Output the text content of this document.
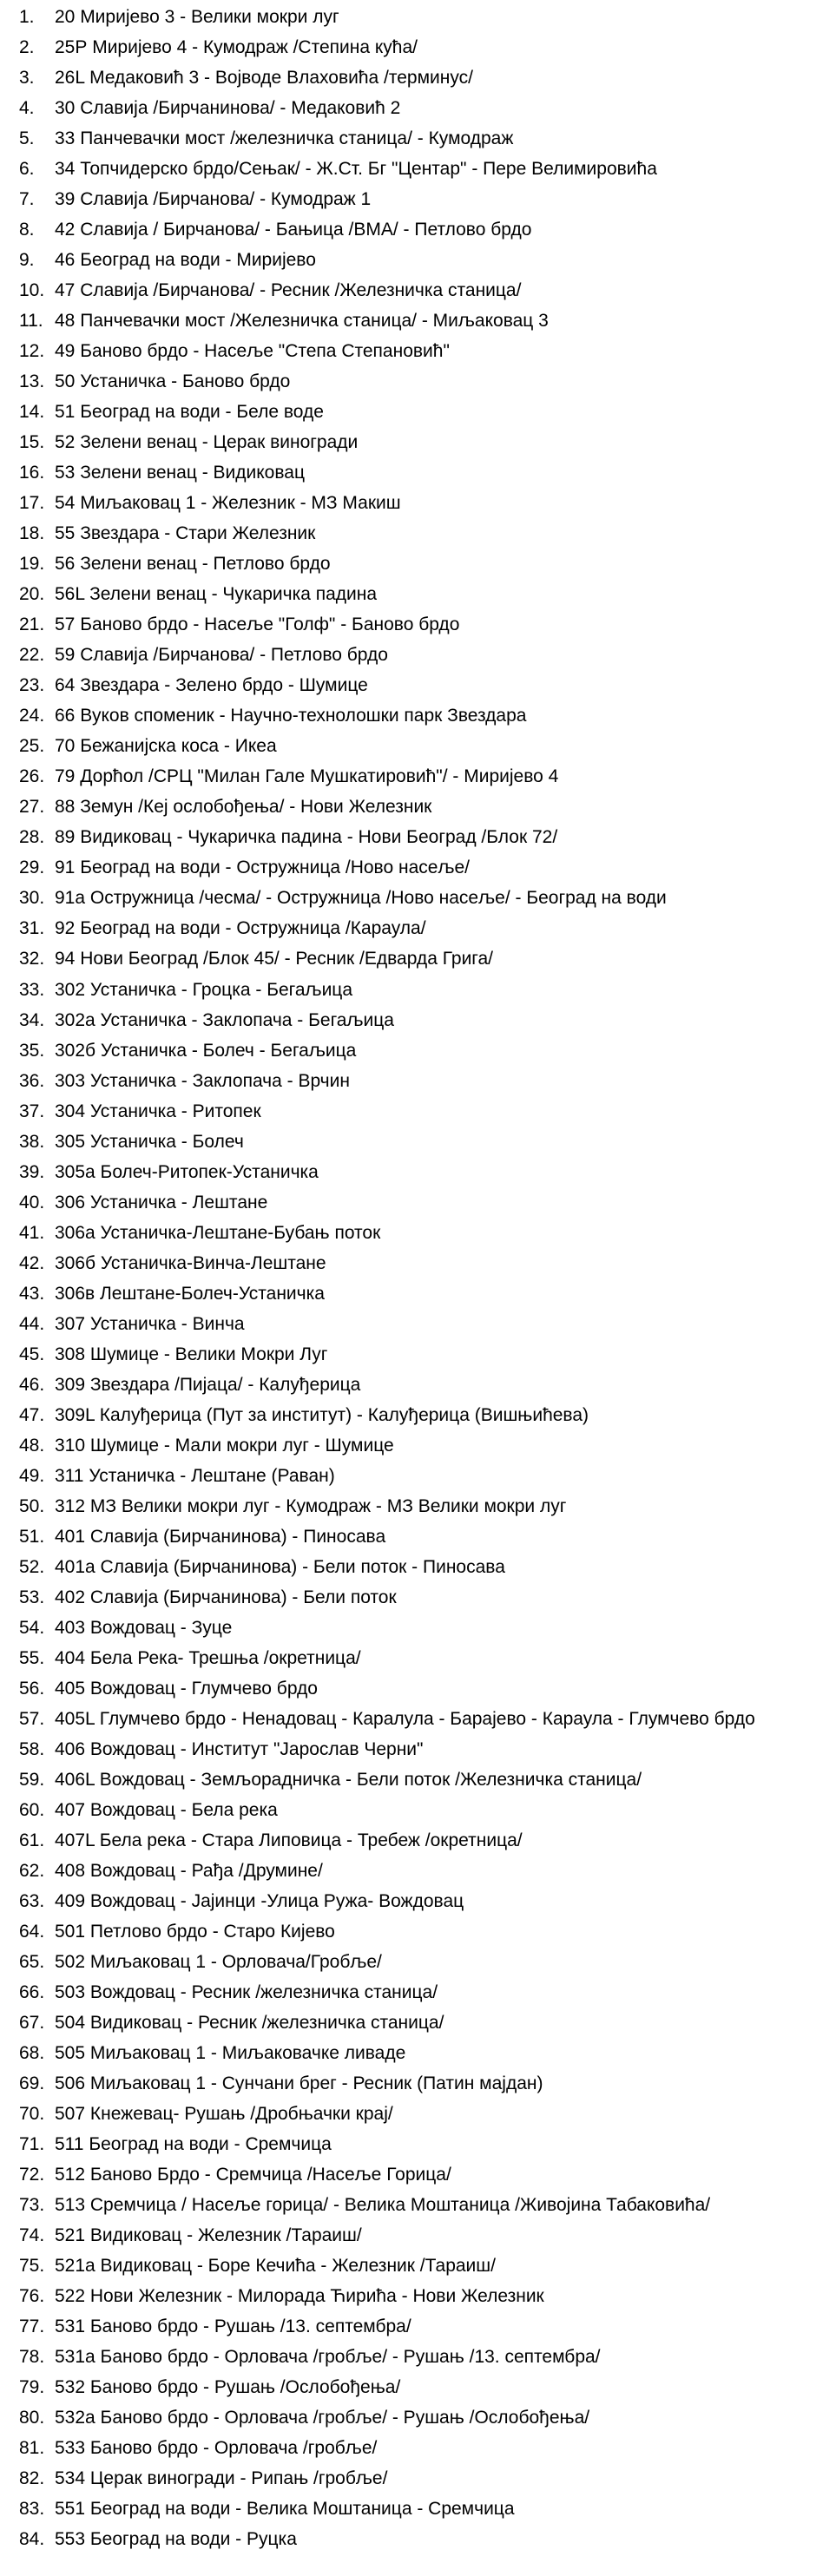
1. 20 Миријево 3 - Велики мокри луг
2. 25Р Миријево 4 - Кумодраж /Степина кућа/
3. 26L Медаковић 3 - Војводе Влаховића /терминус/
4. 30 Славија /Бирчанинова/ - Медаковић 2
5. 33 Панчевачки мост /железничка станица/ - Кумодраж
6. 34 Топчидерско брдо/Сењак/ - Ж.Ст. Бг "Центар" - Пере Велимировића
7. 39 Славија /Бирчанова/ - Кумодраж 1
8. 42 Славија / Бирчанова/ - Бањица /ВМА/ - Петлово брдо
9. 46 Београд на води - Миријево
10. 47 Славија /Бирчанова/ - Ресник /Железничка станица/
11. 48 Панчевачки мост /Железничка станица/ - Миљаковац 3
12. 49 Баново брдо - Насеље "Степа Степановић"
13. 50 Устаничка - Баново брдо
14. 51 Београд на води - Беле воде
15. 52 Зелени венац - Церак виногради
16. 53 Зелени венац - Видиковац
17. 54 Миљаковац 1 - Железник - МЗ Макиш
18. 55 Звездара - Стари Железник
19. 56 Зелени венац - Петлово брдо
20. 56L Зелени венац - Чукаричка падина
21. 57 Баново брдо - Насеље "Голф" - Баново брдо
22. 59 Славија /Бирчанова/ - Петлово брдо
23. 64 Звездара - Зелено брдо - Шумице
24. 66 Вуков споменик - Научно-технолошки парк Звездара
25. 70 Бежанијска коса - Икеа
26. 79 Дорћол /СРЦ "Милан Гале Мушкатировић"/ - Миријево 4
27. 88 Земун /Кеј ослобођења/ - Нови Железник
28. 89 Видиковац - Чукаричка падина - Нови Београд /Блок 72/
29. 91 Београд на води - Остружница /Ново насеље/
30. 91а Остружница /чесма/ - Остружница /Ново насеље/ - Београд на води
31. 92 Београд на води - Остружница /Караула/
32. 94 Нови Београд /Блок 45/ - Ресник /Едварда Грига/
33. 302 Устаничка - Гроцка - Бегаљица
34. 302а Устаничка - Заклопача - Бегаљица
35. 302б Устаничка - Болеч - Бегаљица
36. 303 Устаничка - Заклопача - Врчин
37. 304 Устаничка - Ритопек
38. 305 Устаничка - Болеч
39. 305а Болеч-Ритопек-Устаничка
40. 306 Устаничка - Лештане
41. 306а Устаничка-Лештане-Бубањ поток
42. 306б Устаничка-Винча-Лештане
43. 306в Лештане-Болеч-Устаничка
44. 307 Устаничка - Винча
45. 308 Шумице - Велики Мокри Луг
46. 309 Звездара /Пијаца/ - Калуђерица
47. 309L Калуђерица (Пут за институт) - Калуђерица (Вишњићева)
48. 310 Шумице - Мали мокри луг - Шумице
49. 311 Устаничка - Лештане (Раван)
50. 312 МЗ Велики мокри луг - Кумодраж - МЗ Велики мокри луг
51. 401 Славија (Бирчанинова) - Пиносава
52. 401а Славија (Бирчанинова) - Бели поток - Пиносава
53. 402 Славија (Бирчанинова) - Бели поток
54. 403 Вождовац - Зуце
55. 404 Бела Река- Трешња /окретница/
56. 405 Вождовац - Глумчево брдо
57. 405L Глумчево брдо - Ненадовац - Каралула - Барајево - Караула - Глумчево брдо
58. 406 Вождовац - Институт "Јарослав Черни"
59. 406L Вождовац - Земљорадничка - Бели поток /Железничка станица/
60. 407 Вождовац - Бела река
61. 407L Бела река - Стара Липовица - Требеж /окретница/
62. 408 Вождовац - Рађа /Друмине/
63. 409 Вождовац - Јајинци -Улица Ружа- Вождовац
64. 501 Петлово брдо - Старо Кијево
65. 502 Миљаковац 1 - Орловача/Гробље/
66. 503 Вождовац - Ресник /железничка станица/
67. 504 Видиковац - Ресник /железничка станица/
68. 505 Миљаковац 1 - Миљаковачке ливаде
69. 506 Миљаковац 1 - Сунчани брег - Ресник (Патин мајдан)
70. 507 Кнежевац- Рушањ /Дробњачки крај/
71. 511 Београд на води - Сремчица
72. 512 Баново Брдо - Сремчица /Насеље Горица/
73. 513 Сремчица / Насеље горица/ - Велика Моштаница /Живојина Табаковића/
74. 521 Видиковац - Железник /Тараиш/
75. 521а Видиковац - Боре Кечића - Железник /Тараиш/
76. 522 Нови Железник - Милорада Ћирића - Нови Железник
77. 531 Баново брдо - Рушањ /13. септембра/
78. 531а Баново брдо - Орловача /гробље/ - Рушањ /13. септембра/
79. 532 Баново брдо - Рушањ /Ослобођења/
80. 532а Баново брдо - Орловача /гробље/ - Рушањ /Ослобођења/
81. 533 Баново брдо - Орловача /гробље/
82. 534 Церак виногради - Рипањ /гробље/
83. 551 Београд на води - Велика Моштаница - Сремчица
84. 553 Београд на води - Руцка
